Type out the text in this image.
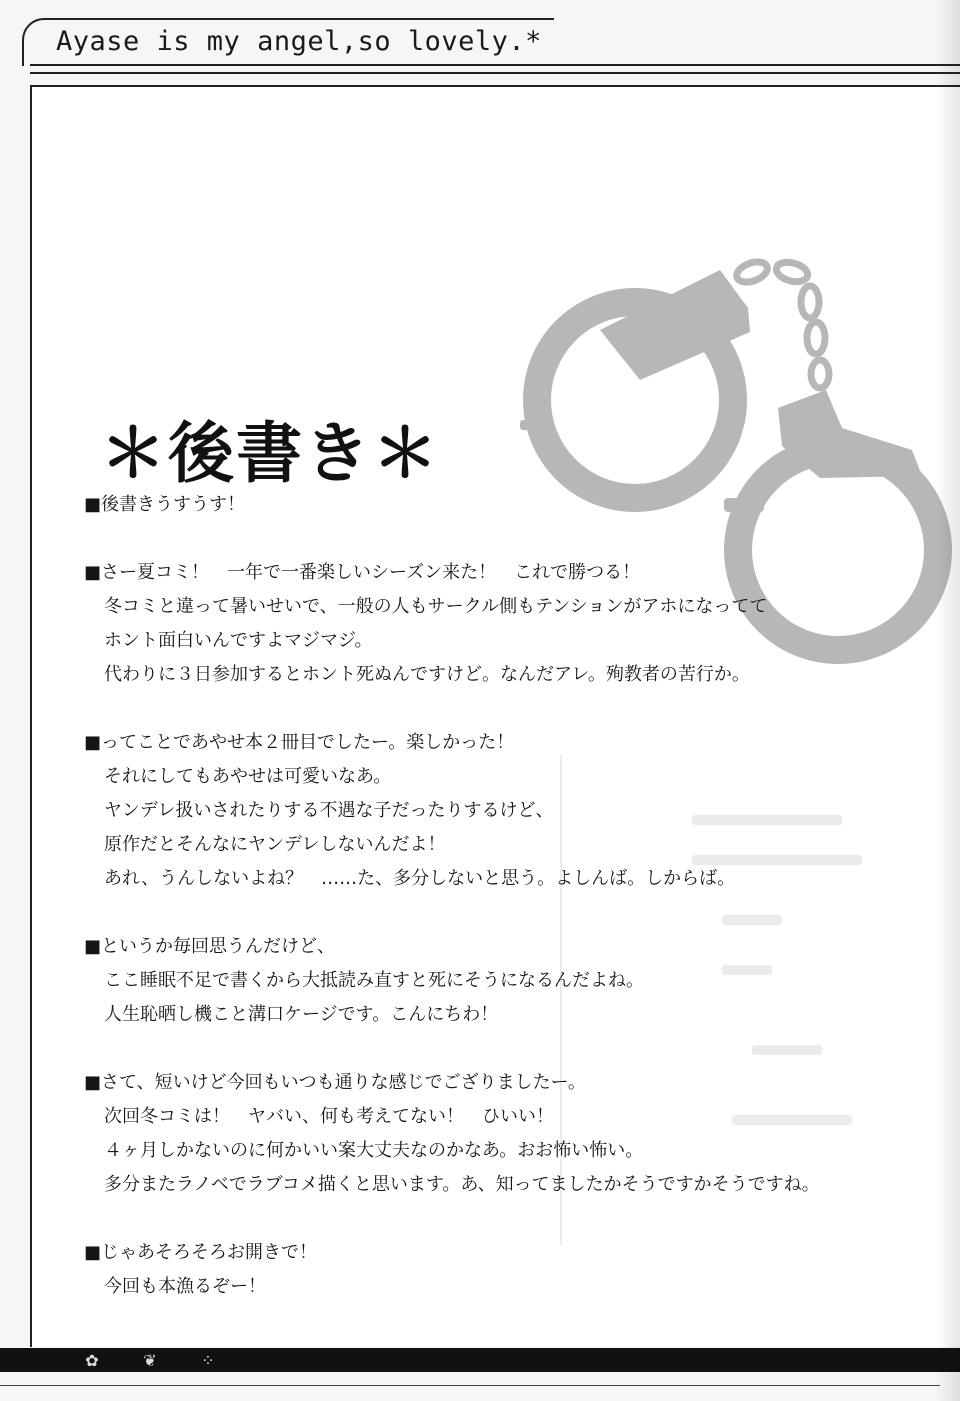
Ayase is my angel,so lovely.*
＊後書き＊
■後書きうすうす！
■さー夏コミ！　一年で一番楽しいシーズン来た！　これで勝つる！
冬コミと違って暑いせいで、一般の人もサークル側もテンションがアホになってて
ホント面白いんですよマジマジ。
代わりに３日参加するとホント死ぬんですけど。なんだアレ。殉教者の苦行か。
■ってことであやせ本２冊目でしたー。楽しかった！
それにしてもあやせは可愛いなあ。
ヤンデレ扱いされたりする不遇な子だったりするけど、
原作だとそんなにヤンデレしないんだよ！
あれ、うんしないよね？　……た、多分しないと思う。よしんば。しからば。
■というか毎回思うんだけど、
ここ睡眠不足で書くから大抵読み直すと死にそうになるんだよね。
人生恥晒し機こと溝口ケージです。こんにちわ！
■さて、短いけど今回もいつも通りな感じでござりましたー。
次回冬コミは！　ヤバい、何も考えてない！　ひいい！
４ヶ月しかないのに何かいい案大丈夫なのかなあ。おお怖い怖い。
多分またラノベでラブコメ描くと思います。あ、知ってましたかそうですかそうですね。
■じゃあそろそろお開きで！
今回も本漁るぞー！
✿	❦	⁘
